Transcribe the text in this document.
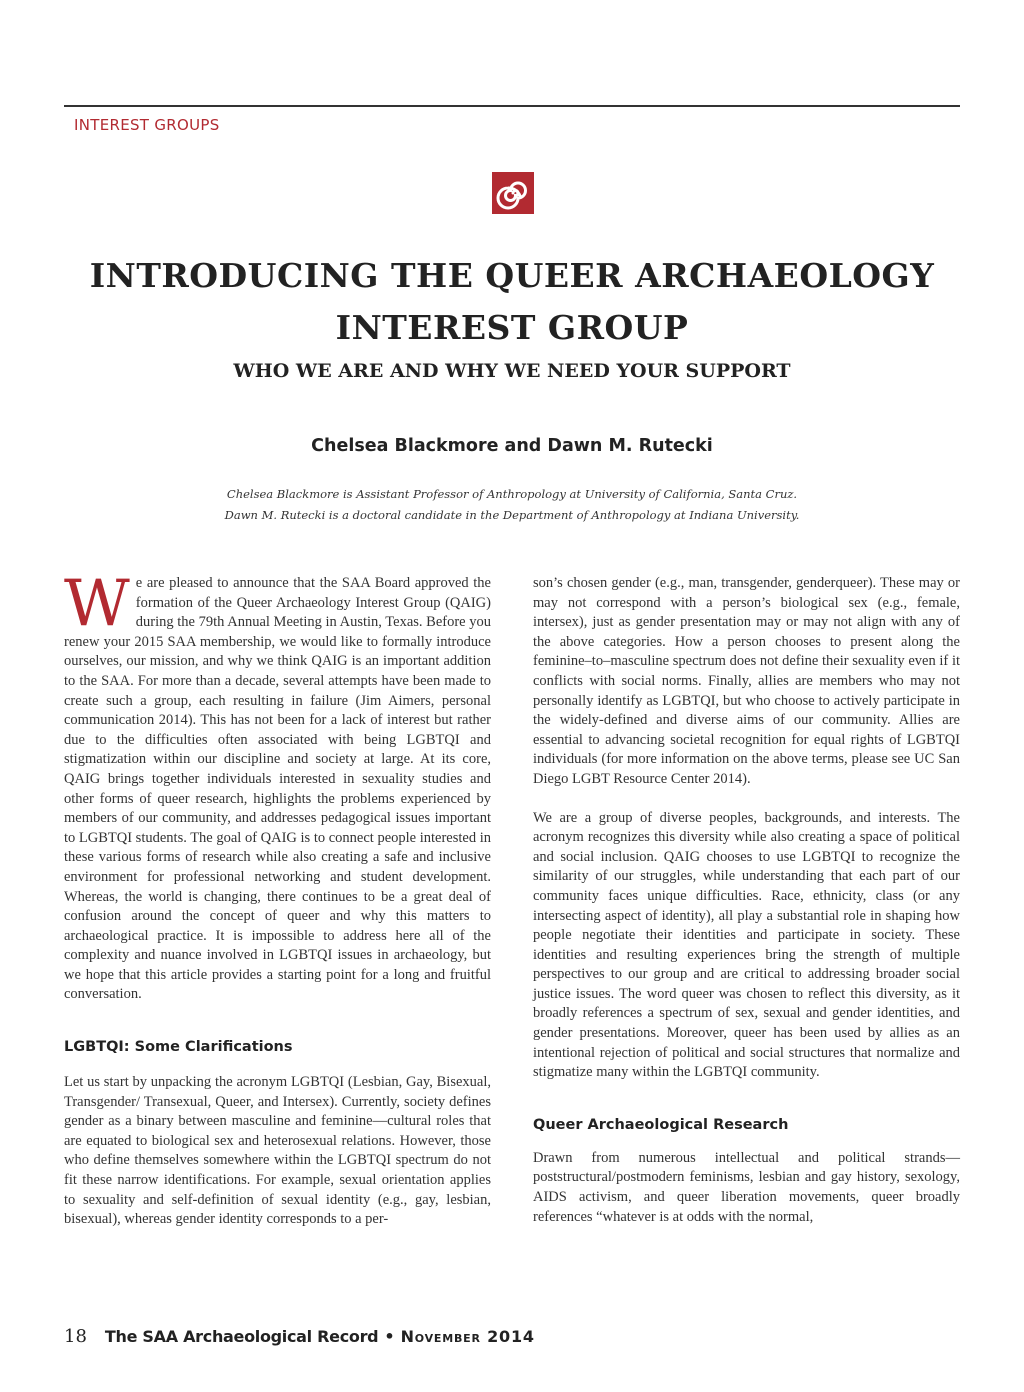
INTEREST GROUPS
INTRODUCING THE QUEER ARCHAEOLOGY
INTEREST GROUP
WHO WE ARE AND WHY WE NEED YOUR SUPPORT

Chelsea Blackmore and Dawn M. Rutecki

Chelsea Blackmore is Assistant Professor of Anthropology at University of California, Santa Cruz.

Dawn M. Rutecki is a doctoral candidate in the Department of Anthropology at Indiana University.

We are pleased to announce that the SAA Board approved the formation of the Queer Archaeology Interest Group (QAIG) during the 79th Annual Meeting in Austin, Texas. Before you renew your 2015 SAA membership, we would like to formally introduce ourselves, our mission, and why we think QAIG is an important addition to the SAA. For more than a decade, several attempts have been made to create such a group, each resulting in failure (Jim Aimers, personal communication 2014). This has not been for a lack of interest but rather due to the difficulties often associated with being LGBTQI and stigmatization within our discipline and society at large. At its core, QAIG brings together individuals interested in sexuality studies and other forms of queer research, highlights the problems experienced by members of our community, and addresses pedagogical issues important to LGBTQI students. The goal of QAIG is to connect people interested in these various forms of research while also creating a safe and inclusive environment for professional networking and student development. Whereas, the world is changing, there continues to be a great deal of confusion around the concept of queer and why this matters to archaeological practice. It is impossible to address here all of the complexity and nuance involved in LGBTQI issues in archaeology, but we hope that this article provides a starting point for a long and fruitful conversation.

LGBTQI: Some Clarifications

Let us start by unpacking the acronym LGBTQI (Lesbian, Gay, Bisexual, Transgender/ Transexual, Queer, and Intersex). Currently, society defines gender as a binary between masculine and feminine—cultural roles that are equated to biological sex and heterosexual relations. However, those who define themselves somewhere within the LGBTQI spectrum do not fit these narrow identifications. For example, sexual orientation applies to sexuality and self-definition of sexual identity (e.g., gay, lesbian, bisexual), whereas gender identity corresponds to a per-

son’s chosen gender (e.g., man, transgender, genderqueer). These may or may not correspond with a person’s biological sex (e.g., female, intersex), just as gender presentation may or may not align with any of the above categories. How a person chooses to present along the feminine–to–masculine spectrum does not define their sexuality even if it conflicts with social norms. Finally, allies are members who may not personally identify as LGBTQI, but who choose to actively participate in the widely-defined and diverse aims of our community. Allies are essential to advancing societal recognition for equal rights of LGBTQI individuals (for more information on the above terms, please see UC San Diego LGBT Resource Center 2014).

We are a group of diverse peoples, backgrounds, and interests. The acronym recognizes this diversity while also creating a space of political and social inclusion. QAIG chooses to use LGBTQI to recognize the similarity of our struggles, while understanding that each part of our community faces unique difficulties. Race, ethnicity, class (or any intersecting aspect of identity), all play a substantial role in shaping how people negotiate their identities and participate in society. These identities and resulting experiences bring the strength of multiple perspectives to our group and are critical to addressing broader social justice issues. The word queer was chosen to reflect this diversity, as it broadly references a spectrum of sex, sexual and gender identities, and gender presentations. Moreover, queer has been used by allies as an intentional rejection of political and social structures that normalize and stigmatize many within the LGBTQI community.

Queer Archaeological Research

Drawn from numerous intellectual and political strands—poststructural/postmodern feminisms, lesbian and gay history, sexology, AIDS activism, and queer liberation movements, queer broadly references “whatever is at odds with the normal,

18 The SAA Archaeological Record • November 2014
